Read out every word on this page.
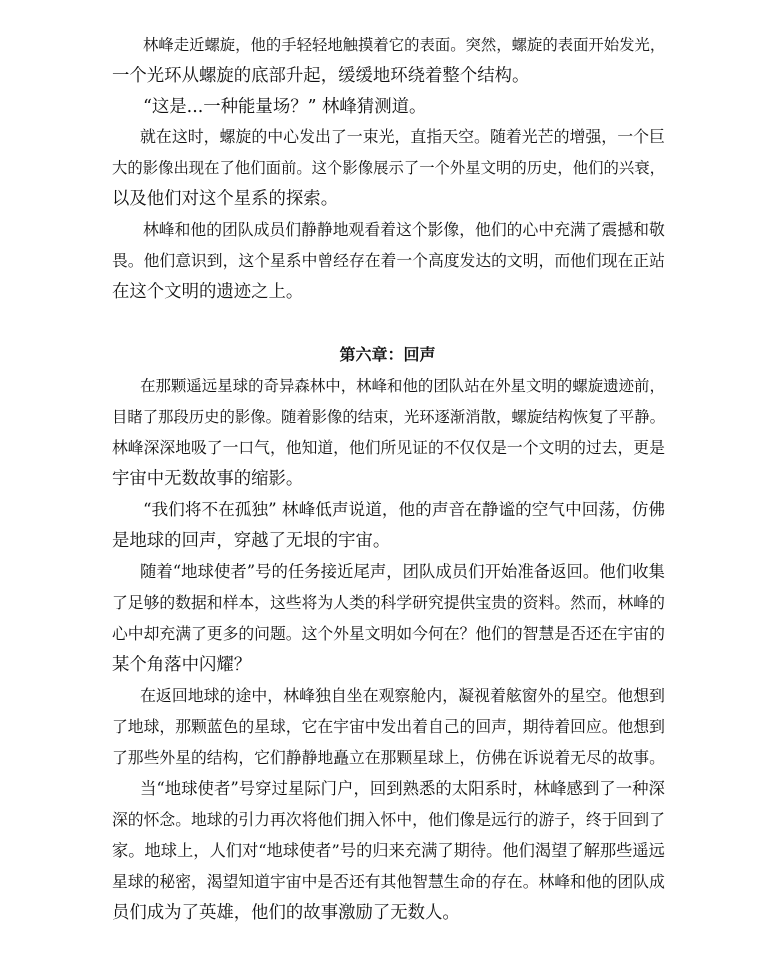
林峰走近螺旋，他的手轻轻地触摸着它的表面。突然，螺旋的表面开始发光，
一个光环从螺旋的底部升起，缓缓地环绕着整个结构。
“这是...一种能量场？” 林峰猜测道。
就在这时，螺旋的中心发出了一束光，直指天空。随着光芒的增强，一个巨
大的影像出现在了他们面前。这个影像展示了一个外星文明的历史，他们的兴衰，
以及他们对这个星系的探索。
林峰和他的团队成员们静静地观看着这个影像，他们的心中充满了震撼和敬
畏。他们意识到，这个星系中曾经存在着一个高度发达的文明，而他们现在正站
在这个文明的遗迹之上。
第六章：回声
在那颗遥远星球的奇异森林中，林峰和他的团队站在外星文明的螺旋遗迹前，
目睹了那段历史的影像。随着影像的结束，光环逐渐消散，螺旋结构恢复了平静。
林峰深深地吸了一口气，他知道，他们所见证的不仅仅是一个文明的过去，更是
宇宙中无数故事的缩影。
“我们将不在孤独” 林峰低声说道，他的声音在静谧的空气中回荡，仿佛
是地球的回声，穿越了无垠的宇宙。
随着“地球使者”号的任务接近尾声，团队成员们开始准备返回。他们收集
了足够的数据和样本，这些将为人类的科学研究提供宝贵的资料。然而，林峰的
心中却充满了更多的问题。这个外星文明如今何在？他们的智慧是否还在宇宙的
某个角落中闪耀？
在返回地球的途中，林峰独自坐在观察舱内，凝视着舷窗外的星空。他想到
了地球，那颗蓝色的星球，它在宇宙中发出着自己的回声，期待着回应。他想到
了那些外星的结构，它们静静地矗立在那颗星球上，仿佛在诉说着无尽的故事。
当“地球使者”号穿过星际门户，回到熟悉的太阳系时，林峰感到了一种深
深的怀念。地球的引力再次将他们拥入怀中，他们像是远行的游子，终于回到了
家。地球上，人们对“地球使者”号的归来充满了期待。他们渴望了解那些遥远
星球的秘密，渴望知道宇宙中是否还有其他智慧生命的存在。林峰和他的团队成
员们成为了英雄，他们的故事激励了无数人。
